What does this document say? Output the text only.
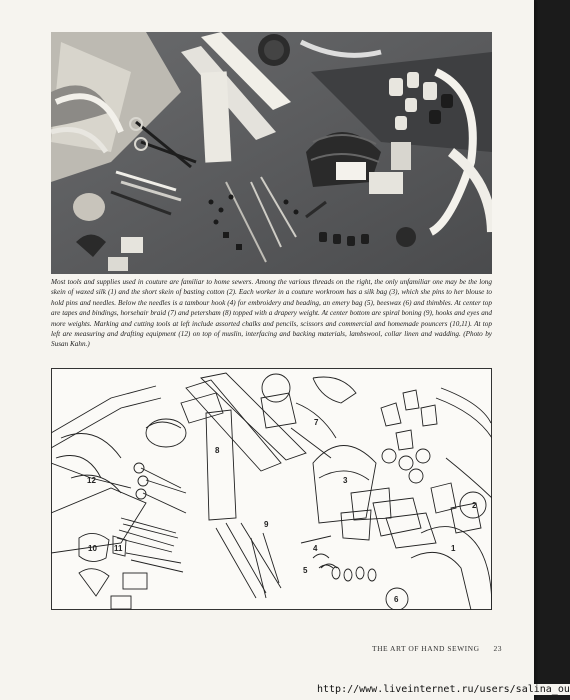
Most tools and supplies used in couture are familiar to home sewers. Among the various threads on the right, the only unfamiliar one may be the long skein of waxed silk (1) and the short skein of basting cotton (2). Each worker in a couture workroom has a silk bag (3), which she pins to her blouse to hold pins and needles. Below the needles is a tambour hook (4) for embroidery and beading, an emery bag (5), beeswax (6) and thimbles. At center top are tapes and bindings, horsehair braid (7) and petersham (8) topped with a drapery weight. At center bottom are spiral boning (9), hooks and eyes and more weights. Marking and cutting tools at left include assorted chalks and pencils, scissors and commercial and homemade pouncers (10,11). At top left are measuring and drafting equipment (12) on top of muslin, interfacing and backing materials, lambswool, collar linen and wadding. (Photo by Susan Kahn.)
1
2
3
4
5
6
7
8
9
10 11
12
THE ART OF HAND SEWING 23
http://www.liveinternet.ru/users/salina_ou
